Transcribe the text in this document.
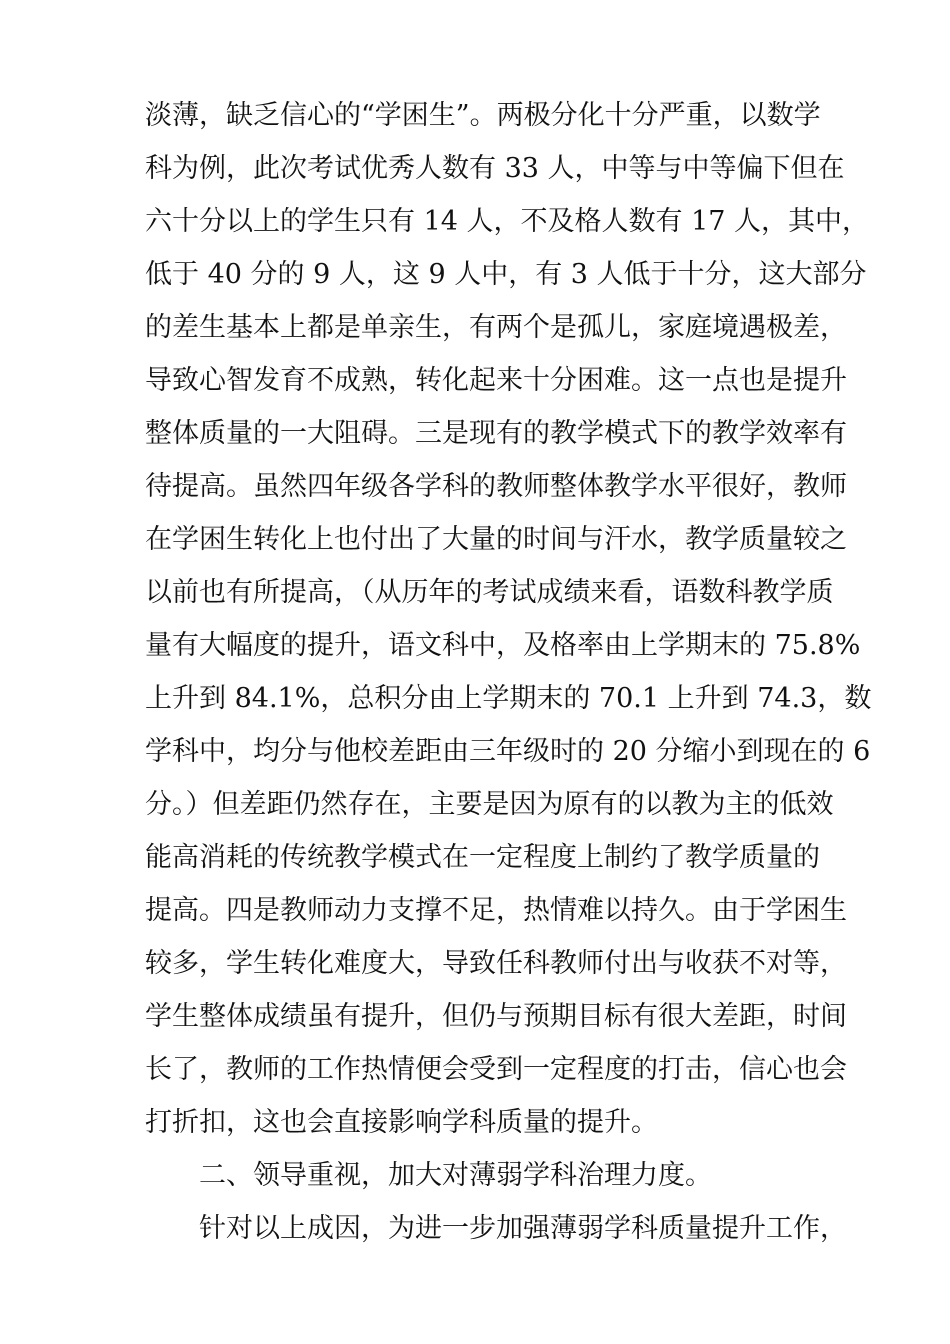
淡薄，缺乏信心的“学困生”。两极分化十分严重，以数学
科为例，此次考试优秀人数有 33 人，中等与中等偏下但在
六十分以上的学生只有 14 人，不及格人数有 17 人，其中，
低于 40 分的 9 人，这 9 人中，有 3 人低于十分，这大部分
的差生基本上都是单亲生，有两个是孤儿，家庭境遇极差，
导致心智发育不成熟，转化起来十分困难。这一点也是提升
整体质量的一大阻碍。三是现有的教学模式下的教学效率有
待提高。虽然四年级各学科的教师整体教学水平很好，教师
在学困生转化上也付出了大量的时间与汗水，教学质量较之
以前也有所提高，（从历年的考试成绩来看，语数科教学质
量有大幅度的提升，语文科中，及格率由上学期末的 75.8%
上升到 84.1%，总积分由上学期末的 70.1 上升到 74.3，数
学科中，均分与他校差距由三年级时的 20 分缩小到现在的 6
分。）但差距仍然存在，主要是因为原有的以教为主的低效
能高消耗的传统教学模式在一定程度上制约了教学质量的
提高。四是教师动力支撑不足，热情难以持久。由于学困生
较多，学生转化难度大，导致任科教师付出与收获不对等，
学生整体成绩虽有提升，但仍与预期目标有很大差距，时间
长了，教师的工作热情便会受到一定程度的打击，信心也会
打折扣，这也会直接影响学科质量的提升。
二、领导重视，加大对薄弱学科治理力度。
针对以上成因，为进一步加强薄弱学科质量提升工作，
